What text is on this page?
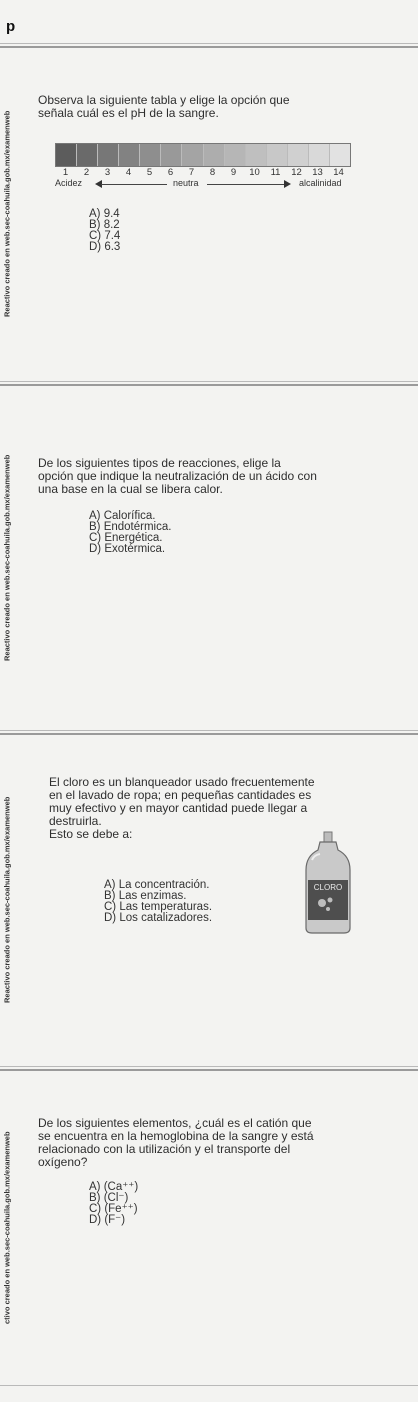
p
Reactivo creado en web.sec-coahuila.gob.mx/examenweb
Reactivo creado en web.sec-coahuila.gob.mx/examenweb
Reactivo creado en web.sec-coahuila.gob.mx/examenweb
ctivo creado en web.sec-coahuila.gob.mx/examenweb
Observa la siguiente tabla y elige la opción que
señala cuál es el pH de la sangre.
1 2 3 4 5 6 7 8 9 10 11 12 13 14
Acidez	neutra	alcalinidad
A) 9.4
B) 8.2
C) 7.4
D) 6.3
De los siguientes tipos de reacciones, elige la
opción que indique la neutralización de un ácido con
una base en la cual se libera calor.
A) Calorífica.
B) Endotérmica.
C) Energética.
D) Exotérmica.
El cloro es un blanqueador usado frecuentemente
en el lavado de ropa; en pequeñas cantidades es
muy efectivo y en mayor cantidad puede llegar a
destruirla.
Esto se debe a:
A) La concentración.
B) Las enzimas.
C) Las temperaturas.
D) Los catalizadores.
CLORO
De los siguientes elementos, ¿cuál es el catión que
se encuentra en la hemoglobina de la sangre y está
relacionado con la utilización y el transporte del
oxígeno?
A) (Ca⁺⁺)
B) (Cl⁻)
C) (Fe⁺⁺)
D) (F⁻)
